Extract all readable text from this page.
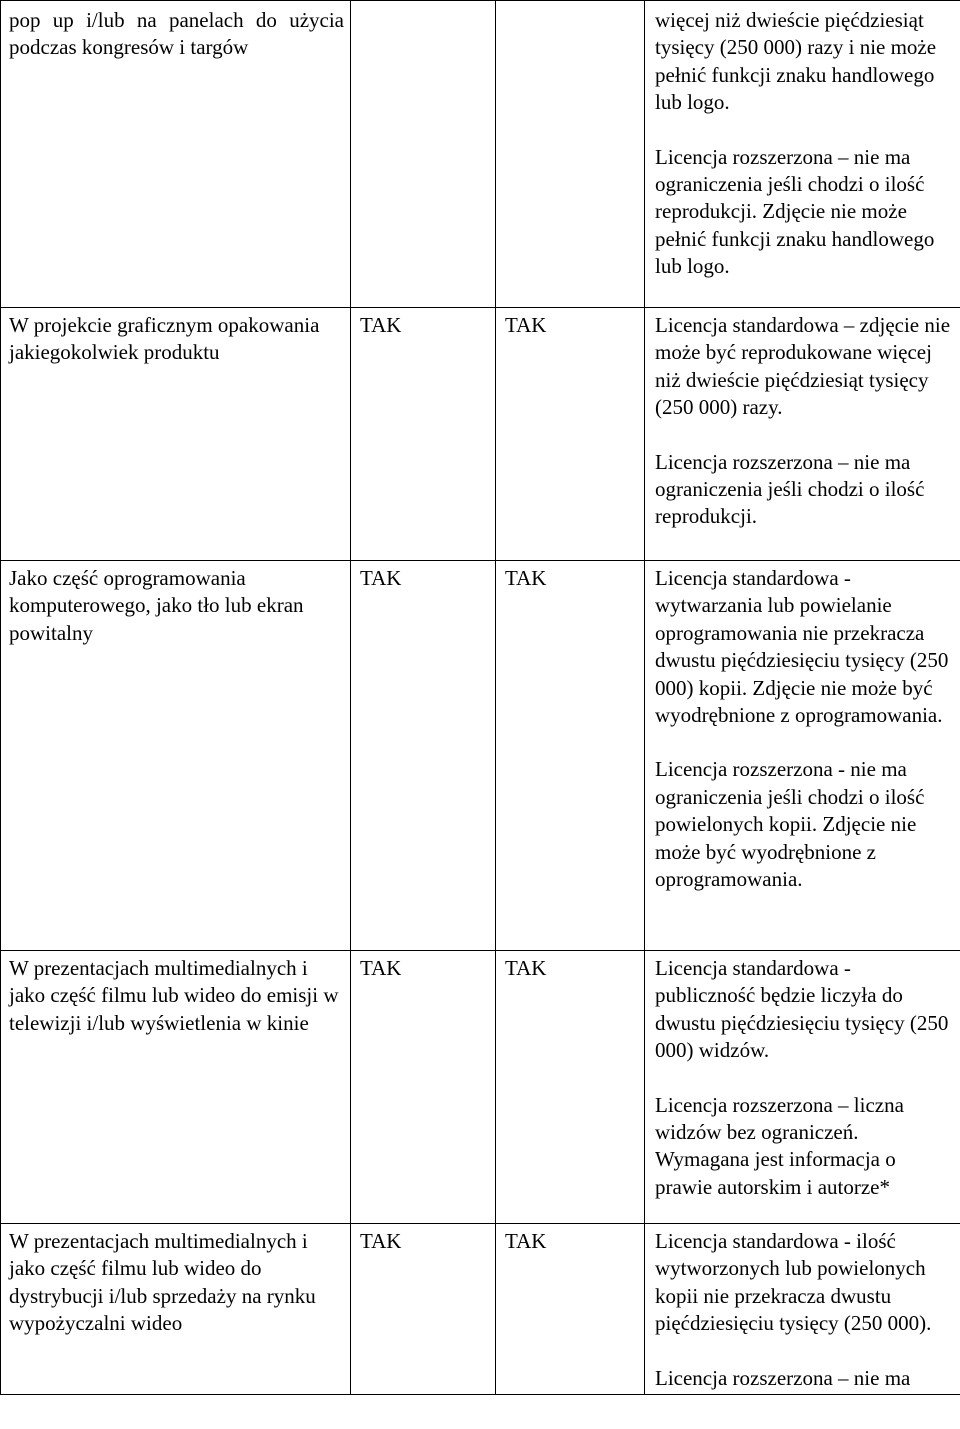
pop up i/lub na panelach do użycia podczas kongresów i targów			więcej niż dwieście pięćdziesiąt tysięcy (250 000) razy i nie może pełnić funkcji znaku handlowego lub logo.

Licencja rozszerzona – nie ma ograniczenia jeśli chodzi o ilość reprodukcji. Zdjęcie nie może pełnić funkcji znaku handlowego lub logo.

W projekcie graficznym opakowania jakiegokolwiek produktu	TAK	TAK	Licencja standardowa – zdjęcie nie może być reprodukowane więcej niż dwieście pięćdziesiąt tysięcy (250 000) razy.

Licencja rozszerzona – nie ma ograniczenia jeśli chodzi o ilość reprodukcji.

Jako część oprogramowania komputerowego, jako tło lub ekran powitalny	TAK	TAK	Licencja standardowa - wytwarzania lub powielanie oprogramowania nie przekracza dwustu pięćdziesięciu tysięcy (250 000) kopii. Zdjęcie nie może być wyodrębnione z oprogramowania.

Licencja rozszerzona - nie ma ograniczenia jeśli chodzi o ilość powielonych kopii. Zdjęcie nie może być wyodrębnione z oprogramowania.

W prezentacjach multimedialnych i jako część filmu lub wideo do emisji w telewizji i/lub wyświetlenia w kinie	TAK	TAK	Licencja standardowa - publiczność będzie liczyła do dwustu pięćdziesięciu tysięcy (250 000) widzów.

Licencja rozszerzona – liczna widzów bez ograniczeń. Wymagana jest informacja o prawie autorskim i autorze*

W prezentacjach multimedialnych i jako część filmu lub wideo do dystrybucji i/lub sprzedaży na rynku wypożyczalni wideo	TAK	TAK	Licencja standardowa - ilość wytworzonych lub powielonych kopii nie przekracza dwustu pięćdziesięciu tysięcy (250 000).

Licencja rozszerzona – nie ma
